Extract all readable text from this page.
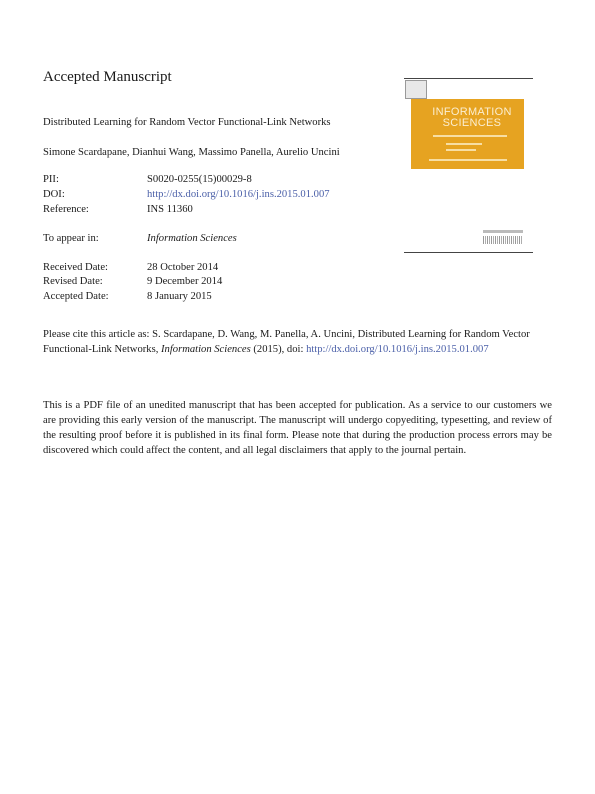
Accepted Manuscript
Distributed Learning for Random Vector Functional-Link Networks
Simone Scardapane, Dianhui Wang, Massimo Panella, Aurelio Uncini
PII:	S0020-0255(15)00029-8
DOI:	http://dx.doi.org/10.1016/j.ins.2015.01.007
Reference:	INS 11360
To appear in:	Information Sciences
Received Date:	28 October 2014
Revised Date:	9 December 2014
Accepted Date:	8 January 2015
INFORMATION SCIENCES
Please cite this article as: S. Scardapane, D. Wang, M. Panella, A. Uncini, Distributed Learning for Random Vector
Functional-Link Networks, Information Sciences (2015), doi: http://dx.doi.org/10.1016/j.ins.2015.01.007
This is a PDF file of an unedited manuscript that has been accepted for publication. As a service to our customers we are providing this early version of the manuscript. The manuscript will undergo copyediting, typesetting, and review of the resulting proof before it is published in its final form. Please note that during the production process errors may be discovered which could affect the content, and all legal disclaimers that apply to the journal pertain.
